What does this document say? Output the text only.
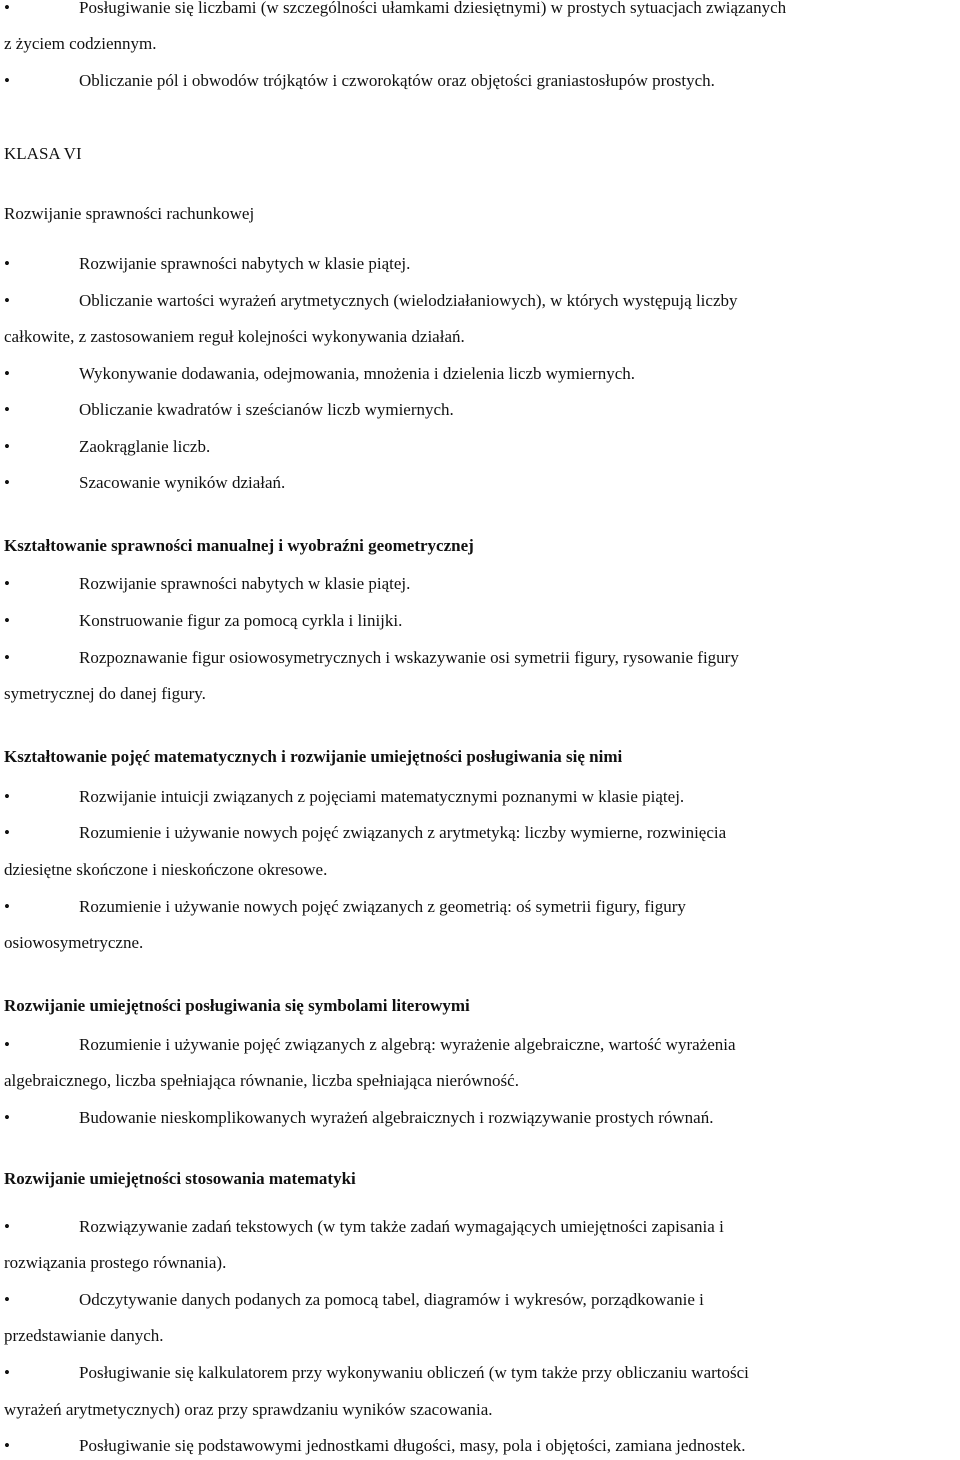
•	Posługiwanie się liczbami (w szczególności ułamkami dziesiętnymi) w prostych sytuacjach związanych
z życiem codziennym.
•	Obliczanie pól i obwodów trójkątów i czworokątów oraz objętości graniastosłupów prostych.
KLASA VI
Rozwijanie sprawności rachunkowej
•	Rozwijanie sprawności nabytych w klasie piątej.
•	Obliczanie wartości wyrażeń arytmetycznych (wielodziałaniowych), w których występują liczby
całkowite, z zastosowaniem reguł kolejności wykonywania działań.
•	Wykonywanie dodawania, odejmowania, mnożenia i dzielenia liczb wymiernych.
•	Obliczanie kwadratów i sześcianów liczb wymiernych.
•	Zaokrąglanie liczb.
•	Szacowanie wyników działań.
Kształtowanie sprawności manualnej i wyobraźni geometrycznej
•	Rozwijanie sprawności nabytych w klasie piątej.
•	Konstruowanie figur za pomocą cyrkla i linijki.
•	Rozpoznawanie figur osiowosymetrycznych i wskazywanie osi symetrii figury, rysowanie figury
symetrycznej do danej figury.
Kształtowanie pojęć matematycznych i rozwijanie umiejętności posługiwania się nimi
•	Rozwijanie intuicji związanych z pojęciami matematycznymi poznanymi w klasie piątej.
•	Rozumienie i używanie nowych pojęć związanych z arytmetyką: liczby wymierne, rozwinięcia
dziesiętne skończone i nieskończone okresowe.
•	Rozumienie i używanie nowych pojęć związanych z geometrią: oś symetrii figury, figury
osiowosymetryczne.
Rozwijanie umiejętności posługiwania się symbolami literowymi
•	Rozumienie i używanie pojęć związanych z algebrą: wyrażenie algebraiczne, wartość wyrażenia
algebraicznego, liczba spełniająca równanie, liczba spełniająca nierówność.
•	Budowanie nieskomplikowanych wyrażeń algebraicznych i rozwiązywanie prostych równań.
Rozwijanie umiejętności stosowania matematyki
•	Rozwiązywanie zadań tekstowych (w tym także zadań wymagających umiejętności zapisania i
rozwiązania prostego równania).
•	Odczytywanie danych podanych za pomocą tabel, diagramów i wykresów, porządkowanie i
przedstawianie danych.
•	Posługiwanie się kalkulatorem przy wykonywaniu obliczeń (w tym także przy obliczaniu wartości
wyrażeń arytmetycznych) oraz przy sprawdzaniu wyników szacowania.
•	Posługiwanie się podstawowymi jednostkami długości, masy, pola i objętości, zamiana jednostek.
